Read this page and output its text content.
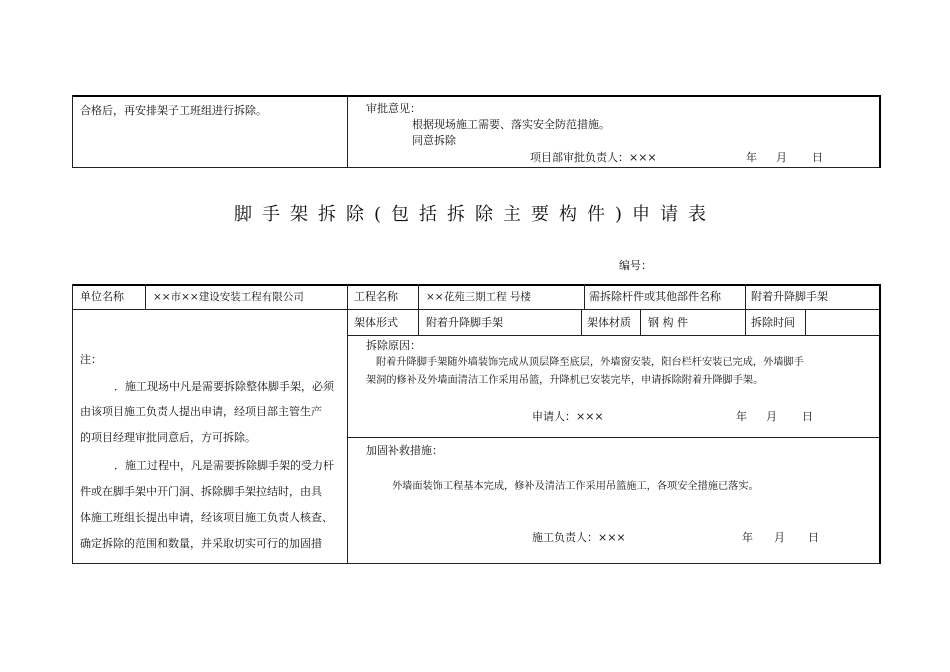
合格后，再安排架子工班组进行拆除。	审批意见：
根据现场施工需要、落实安全防范措施。
同意拆除
项目部审批负责人：×××	年 月 日
脚手架拆除(包括拆除主要构件)申请表
编号：
单位名称	××市××建设安装工程有限公司	工程名称	××花苑三期工程 号楼	需拆除杆件或其他部件名称	附着升降脚手架
架体形式	附着升降脚手架	架体材质 钢 构 件	拆除时间
注：
．施工现场中凡是需要拆除整体脚手架，必须
由该项目施工负责人提出申请，经项目部主管生产
的项目经理审批同意后，方可拆除。
．施工过程中，凡是需要拆除脚手架的受力杆
件或在脚手架中开门洞、拆除脚手架拉结时，由具
体施工班组长提出申请，经该项目施工负责人核查、
确定拆除的范围和数量，并采取切实可行的加固措
拆除原因：
附着升降脚手架随外墙装饰完成从顶层降至底层，外墙窗安装，阳台栏杆安装已完成，外墙脚手
架洞的修补及外墙面清洁工作采用吊篮，升降机已安装完毕，申请拆除附着升降脚手架。
申请人：×××	年 月 日
加固补救措施：
外墙面装饰工程基本完成，修补及清洁工作采用吊篮施工，各项安全措施已落实。
施工负责人：×××	年 月 日
